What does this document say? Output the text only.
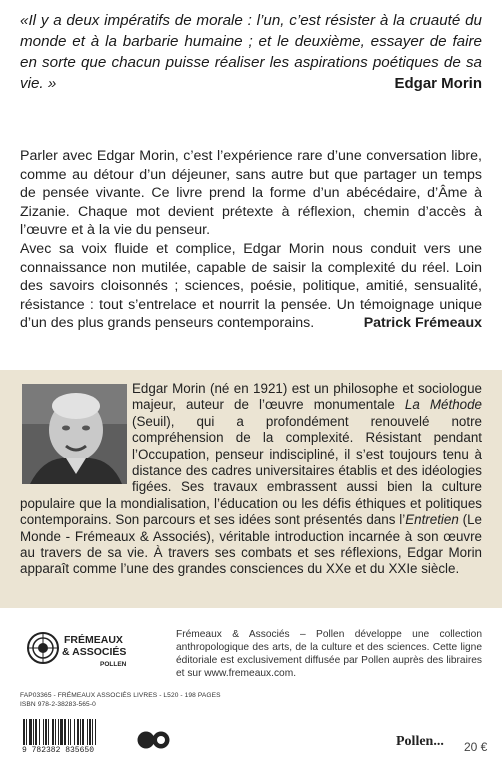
«Il y a deux impératifs de morale : l’un, c’est résister à la cruauté du monde et à la barbarie humaine ; et le deuxième, essayer de faire en sorte que chacun puisse réaliser les aspirations poétiques de sa vie. »	Edgar Morin

Parler avec Edgar Morin, c’est l’expérience rare d’une conversation libre, comme au détour d’un déjeuner, sans autre but que partager un temps de pensée vivante. Ce livre prend la forme d’un abécédaire, d’Âme à Zizanie. Chaque mot devient prétexte à réflexion, chemin d’accès à l’œuvre et à la vie du penseur.

Avec sa voix fluide et complice, Edgar Morin nous conduit vers une connaissance non mutilée, capable de saisir la complexité du réel. Loin des savoirs cloisonnés ; sciences, poésie, politique, amitié, sensualité, résistance : tout s’entrelace et nourrit la pensée. Un témoignage unique d’un des plus grands penseurs contemporains.	Patrick Frémeaux

Edgar Morin (né en 1921) est un philosophe et sociologue majeur, auteur de l’œuvre monumentale La Méthode (Seuil), qui a profondément renouvelé notre compréhension de la complexité. Résistant pendant l’Occupation, penseur indiscipliné, il s’est toujours tenu à distance des cadres universitaires établis et des idéologies figées. Ses travaux embrassent aussi bien la culture populaire que la mondialisation, l’éducation ou les défis éthiques et politiques contemporains. Son parcours et ses idées sont présentés dans l’Entretien (Le Monde - Frémeaux & Associés), véritable introduction incarnée à son œuvre au travers de sa vie. À travers ses combats et ses réflexions, Edgar Morin apparaît comme l’une des grandes consciences du XXe et du XXIe siècle.
FRÉMEAUX
& ASSOCIÉS
POLLEN
Frémeaux & Associés – Pollen développe une collection anthropologique des arts, de la culture et des sciences. Cette ligne éditoriale est exclusivement diffusée par Pollen auprès des libraires et sur www.fremeaux.com.
FAP03365 - FRÉMEAUX ASSOCIÉS LIVRES - L520 - 198 PAGES
ISBN 978-2-38283-565-0
9 782382 835650
Pollen... 20 €
